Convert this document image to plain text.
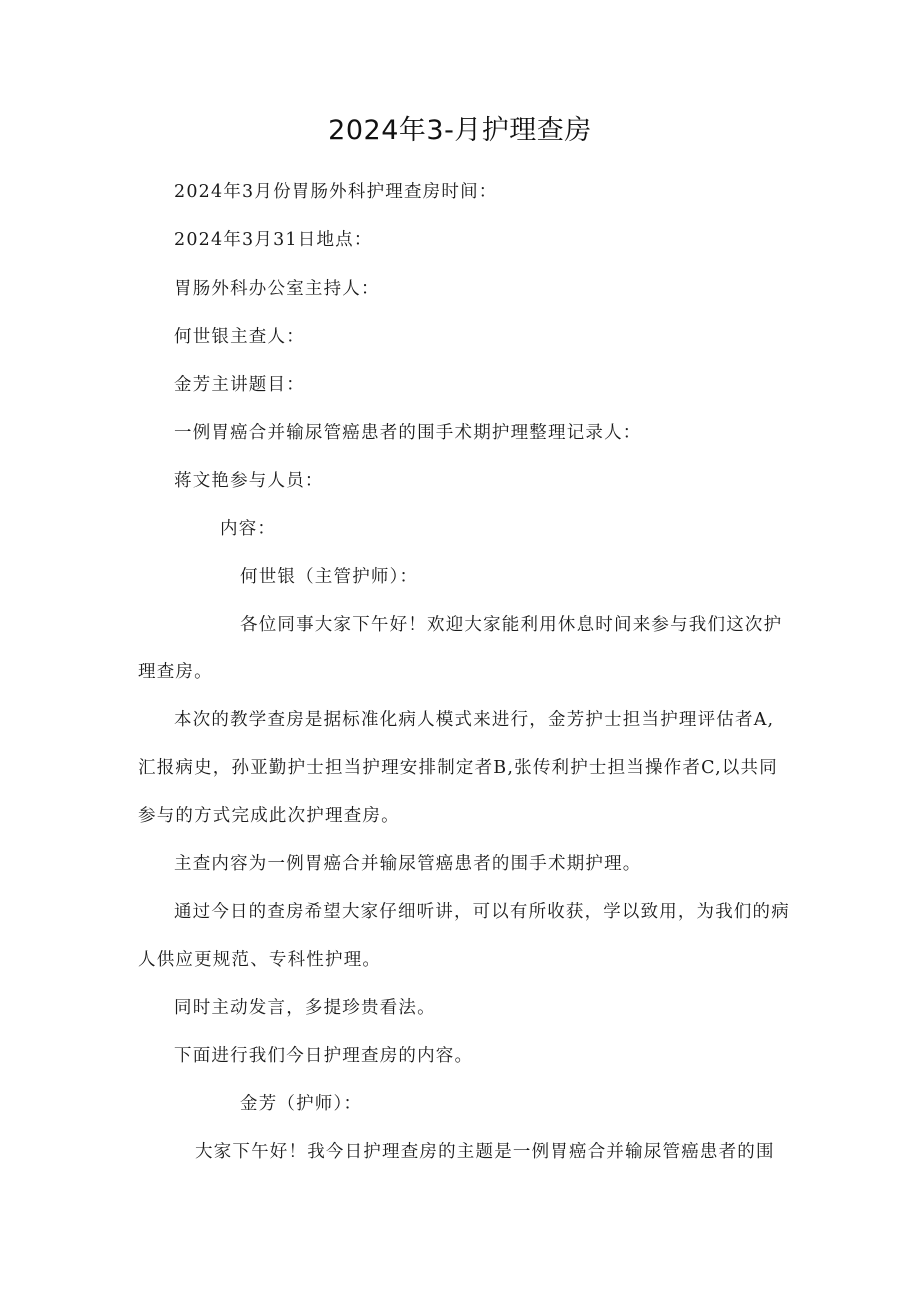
2024年3-月护理查房
2024年3月份胃肠外科护理查房时间：
2024年3月31日地点：
胃肠外科办公室主持人：
何世银主查人：
金芳主讲题目：
一例胃癌合并输尿管癌患者的围手术期护理整理记录人：
蒋文艳参与人员：
内容：
何世银（主管护师）：
各位同事大家下午好！欢迎大家能利用休息时间来参与我们这次护
理查房。
本次的教学查房是据标准化病人模式来进行，金芳护士担当护理评估者A,
汇报病史，孙亚勤护士担当护理安排制定者B,张传利护士担当操作者C,以共同
参与的方式完成此次护理查房。
主查内容为一例胃癌合并输尿管癌患者的围手术期护理。
通过今日的查房希望大家仔细听讲，可以有所收获，学以致用，为我们的病
人供应更规范、专科性护理。
同时主动发言，多提珍贵看法。
下面进行我们今日护理查房的内容。
金芳（护师）：
大家下午好！我今日护理查房的主题是一例胃癌合并输尿管癌患者的围
